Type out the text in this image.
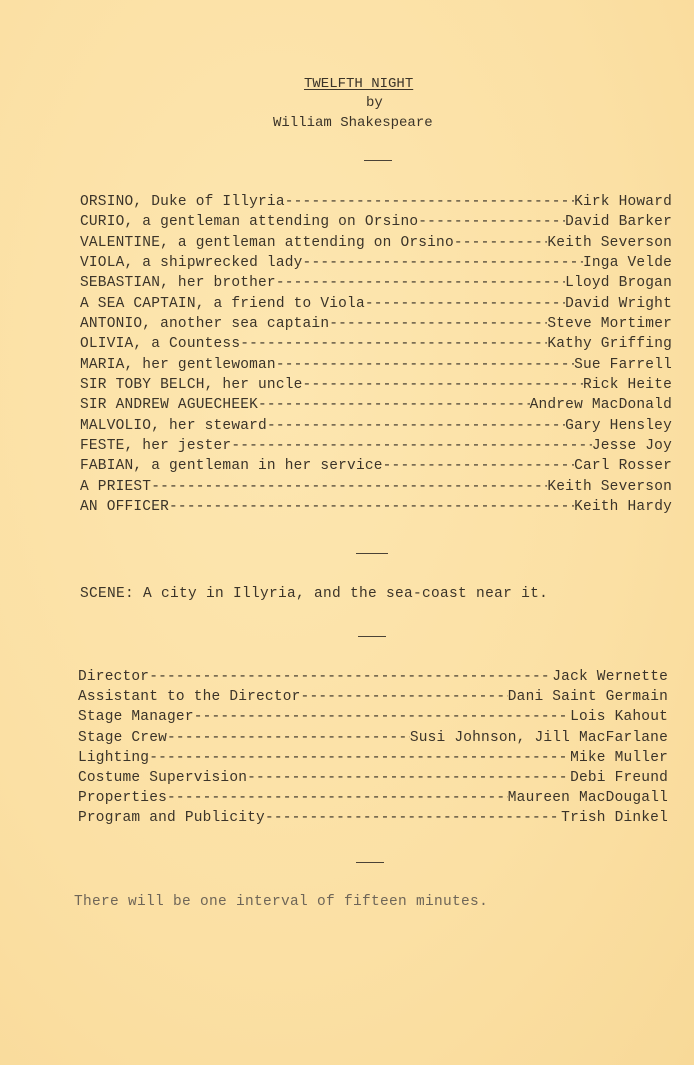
TWELFTH NIGHT
by
William Shakespeare
ORSINO, Duke of Illyria -----	Kirk Howard
CURIO, a gentleman attending on Orsino -----	David Barker
VALENTINE, a gentleman attending on Orsino -----	Keith Severson
VIOLA, a shipwrecked lady -----	Inga Velde
SEBASTIAN, her brother -----	Lloyd Brogan
A SEA CAPTAIN, a friend to Viola -----	David Wright
ANTONIO, another sea captain -----	Steve Mortimer
OLIVIA, a Countess -----	Kathy Griffing
MARIA, her gentlewoman -----	Sue Farrell
SIR TOBY BELCH, her uncle -----	Rick Heite
SIR ANDREW AGUECHEEK -----	Andrew MacDonald
MALVOLIO, her steward -----	Gary Hensley
FESTE, her jester -----	Jesse Joy
FABIAN, a gentleman in her service -----	Carl Rosser
A PRIEST -----	Keith Severson
AN OFFICER -----	Keith Hardy
SCENE: A city in Illyria, and the sea-coast near it.
Director -----	Jack Wernette
Assistant to the Director -----	Dani Saint Germain
Stage Manager -----	Lois Kahout
Stage Crew -----	Susi Johnson, Jill MacFarlane
Lighting -----	Mike Muller
Costume Supervision -----	Debi Freund
Properties -----	Maureen MacDougall
Program and Publicity -----	Trish Dinkel
There will be one interval of fifteen minutes.
